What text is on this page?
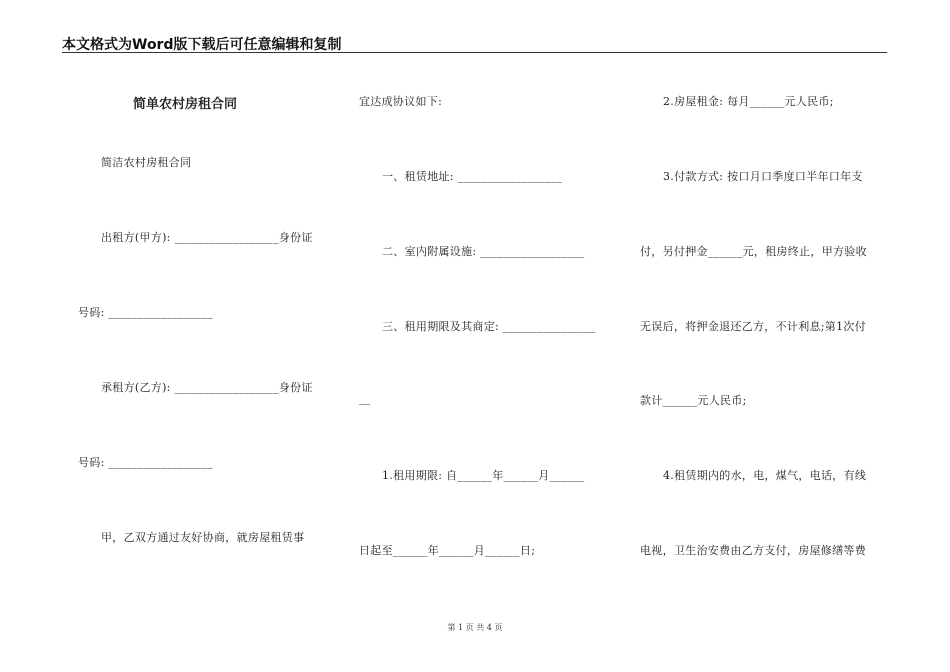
本文格式为Word版下载后可任意编辑和复制
简单农村房租合同
简洁农村房租合同
出租方(甲方): __________________身份证
号码: __________________
承租方(乙方): __________________身份证
号码: __________________
甲，乙双方通过友好协商，就房屋租赁事
宜达成协议如下:
一、租赁地址: __________________
二、室内附属设施: __________________
三、租用期限及其商定: ________________
__
1.租用期限: 自______年______月______
日起至______年______月______日;
2.房屋租金: 每月______元人民币;
3.付款方式: 按口月口季度口半年口年支
付，另付押金______元，租房终止，甲方验收
无误后，将押金退还乙方，不计利息;第1次付
款计______元人民币;
4.租赁期内的水，电，煤气，电话，有线
电视，卫生治安费由乙方支付，房屋修缮等费
第 1 页 共 4 页
